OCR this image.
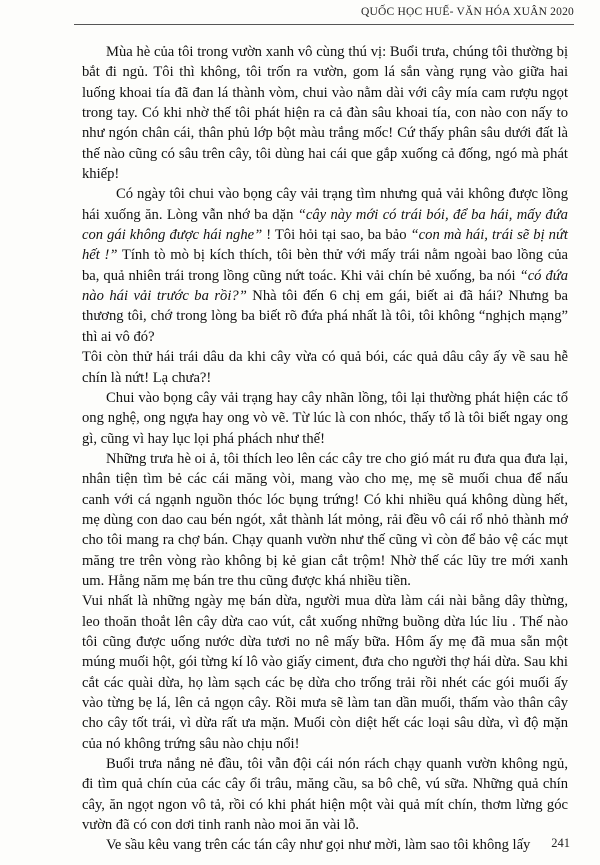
QUỐC HỌC HUẾ- VĂN HÓA XUÂN 2020

Mùa hè của tôi trong vườn xanh vô cùng thú vị: Buổi trưa, chúng tôi thường bị bắt đi ngủ. Tôi thì không, tôi trốn ra vườn, gom lá sắn vàng rụng vào giữa hai luống khoai tía đã đan lá thành vòm, chui vào nằm dài với cây mía cam rượu ngọt trong tay. Có khi nhờ thế tôi phát hiện ra cả đàn sâu khoai tía, con nào con nấy to như ngón chân cái, thân phủ lớp bột màu trắng mốc! Cứ thấy phân sâu dưới đất là thế nào cũng có sâu trên cây, tôi dùng hai cái que gắp xuống cả đống, ngó mà phát khiếp!

Có ngày tôi chui vào bọng cây vải trạng tìm nhưng quả vải không được lồng hái xuống ăn. Lòng vẫn nhớ ba dặn “cây này mới có trái bói, để ba hái, mấy đứa con gái không được hái nghe” ! Tôi hỏi tại sao, ba bảo “con mà hái, trái sẽ bị nứt hết !” Tính tò mò bị kích thích, tôi bèn thử với mấy trái nằm ngoài bao lồng của ba, quả nhiên trái trong lồng cũng nứt toác. Khi vải chín bẻ xuống, ba nói “có đứa nào hái vải trước ba rồi?” Nhà tôi đến 6 chị em gái, biết ai đã hái? Nhưng ba thương tôi, chớ trong lòng ba biết rõ đứa phá nhất là tôi, tôi không “nghịch mạng” thì ai vô đó?

Tôi còn thử hái trái dâu da khi cây vừa có quả bói, các quả dâu cây ấy về sau hễ chín là nứt! Lạ chưa?!

Chui vào bọng cây vải trạng hay cây nhãn lồng, tôi lại thường phát hiện các tổ ong nghệ, ong ngựa hay ong vò vẽ. Từ lúc là con nhóc, thấy tổ là tôi biết ngay ong gì, cũng vì hay lục lọi phá phách như thế!

Những trưa hè oi ả, tôi thích leo lên các cây tre cho gió mát ru đưa qua đưa lại, nhân tiện tìm bẻ các cái măng vòi, mang vào cho mẹ, mẹ sẽ muối chua để nấu canh với cá ngạnh nguồn thóc lóc bụng trứng! Có khi nhiều quá không dùng hết, mẹ dùng con dao cau bén ngót, xắt thành lát mỏng, rải đều vô cái rổ nhỏ thành mớ cho tôi mang ra chợ bán. Chạy quanh vườn như thế cũng vì còn để bảo vệ các mụt măng tre trên vòng rào không bị kẻ gian cắt trộm! Nhờ thế các lũy tre mới xanh um. Hằng năm mẹ bán tre thu cũng được khá nhiều tiền.

Vui nhất là những ngày mẹ bán dừa, người mua dừa làm cái nài bằng dây thừng, leo thoăn thoắt lên cây dừa cao vút, cắt xuống những buồng dừa lúc lỉu . Thế nào tôi cũng được uống nước dừa tươi no nê mấy bữa. Hôm ấy mẹ đã mua sẵn một múng muối hột, gói từng kí lô vào giấy ciment, đưa cho người thợ hái dừa. Sau khi cắt các quài dừa, họ làm sạch các bẹ dừa cho trống trải rồi nhét các gói muối ấy vào từng bẹ lá, lên cả ngọn cây. Rồi mưa sẽ làm tan dần muối, thấm vào thân cây cho cây tốt trái, vì dừa rất ưa mặn. Muối còn diệt hết các loại sâu dừa, vì độ mặn của nó không trứng sâu nào chịu nổi!

Buổi trưa nắng nẻ đầu, tôi vẫn đội cái nón rách chạy quanh vườn không ngủ, đi tìm quả chín của các cây ổi trâu, măng cầu, sa bô chê, vú sữa. Những quả chín cây, ăn ngọt ngon vô tả, rồi có khi phát hiện một vài quả mít chín, thơm lừng góc vườn đã có con dơi tinh ranh nào moi ăn vài lỗ.

Ve sầu kêu vang trên các tán cây như gọi như mời, làm sao tôi không lấy	241
